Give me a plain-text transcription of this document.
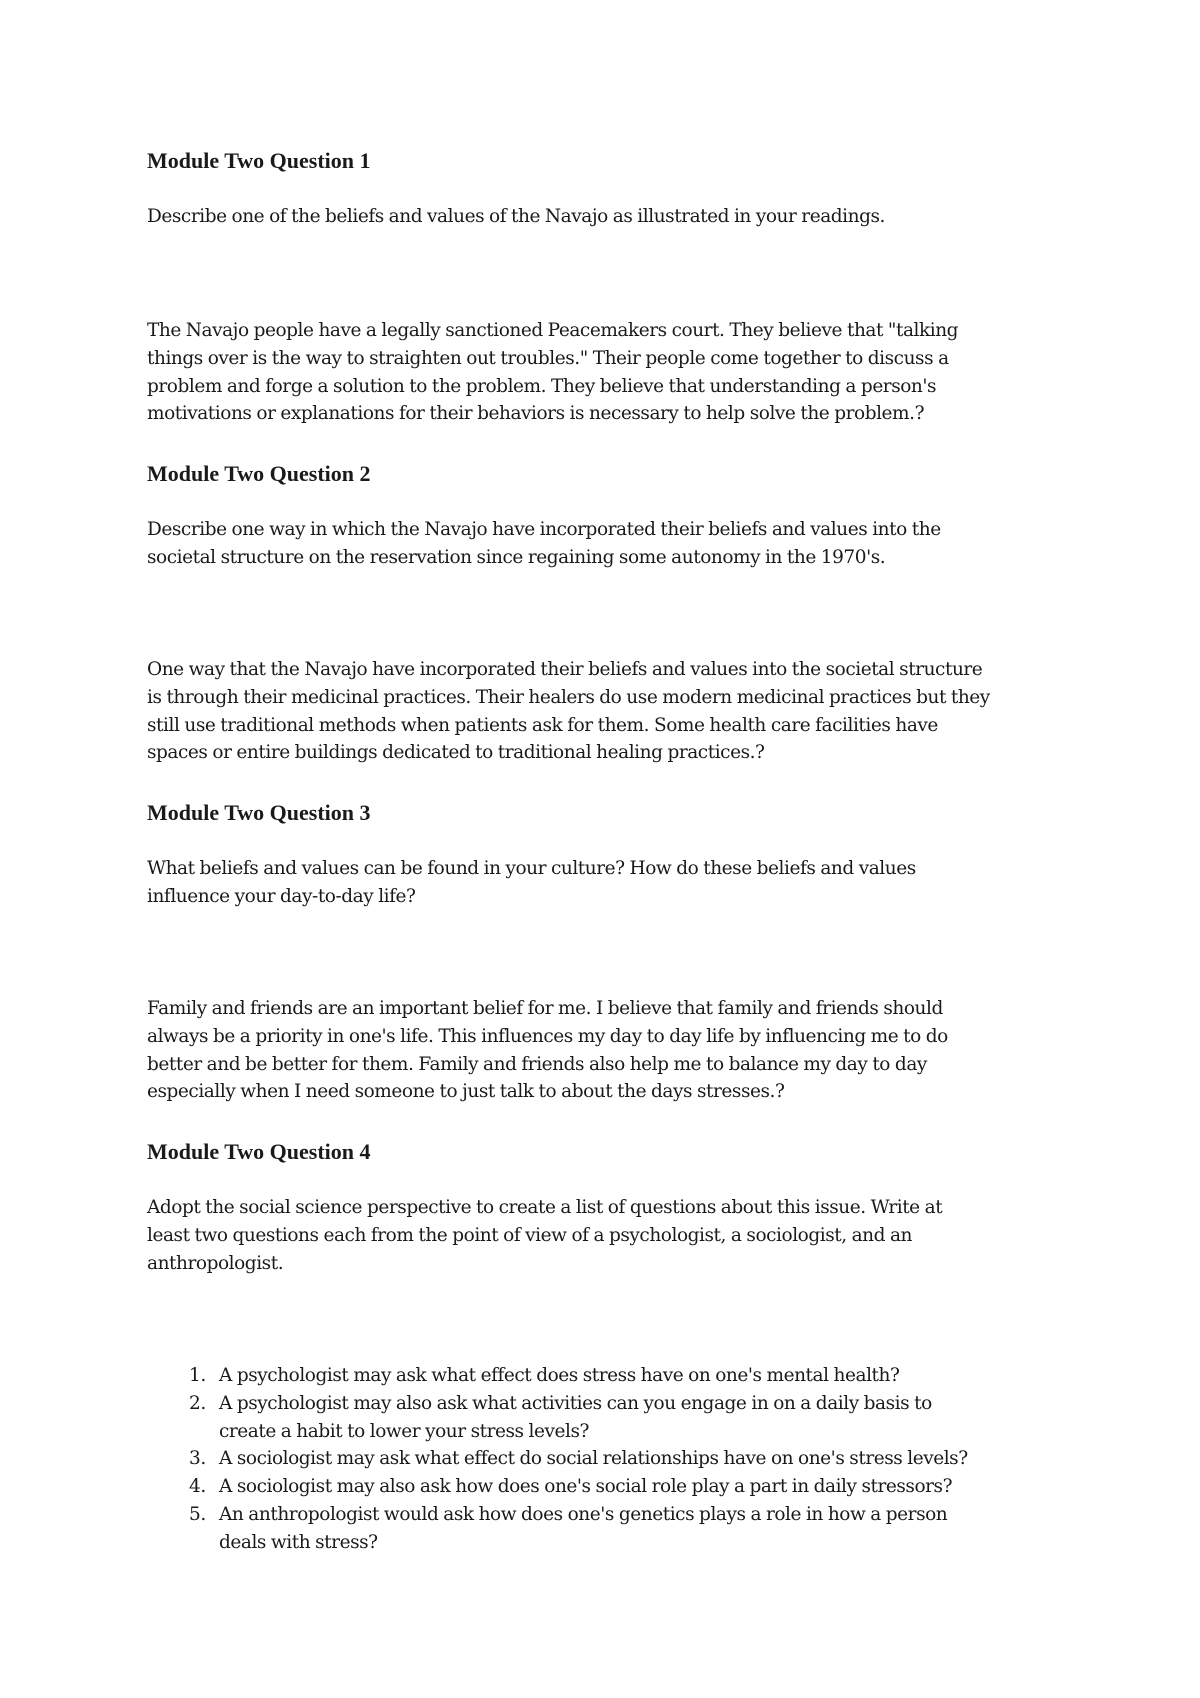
Module Two Question 1
Describe one of the beliefs and values of the Navajo as illustrated in your readings.
The Navajo people have a legally sanctioned Peacemakers court. They believe that "talking
things over is the way to straighten out troubles." Their people come together to discuss a
problem and forge a solution to the problem. They believe that understanding a person's
motivations or explanations for their behaviors is necessary to help solve the problem.?
Module Two Question 2
Describe one way in which the Navajo have incorporated their beliefs and values into the
societal structure on the reservation since regaining some autonomy in the 1970's.
One way that the Navajo have incorporated their beliefs and values into the societal structure
is through their medicinal practices. Their healers do use modern medicinal practices but they
still use traditional methods when patients ask for them. Some health care facilities have
spaces or entire buildings dedicated to traditional healing practices.?
Module Two Question 3
What beliefs and values can be found in your culture? How do these beliefs and values
influence your day-to-day life?
Family and friends are an important belief for me. I believe that family and friends should
always be a priority in one's life. This influences my day to day life by influencing me to do
better and be better for them. Family and friends also help me to balance my day to day
especially when I need someone to just talk to about the days stresses.?
Module Two Question 4
Adopt the social science perspective to create a list of questions about this issue. Write at
least two questions each from the point of view of a psychologist, a sociologist, and an
anthropologist.
1. A psychologist may ask what effect does stress have on one's mental health?
2. A psychologist may also ask what activities can you engage in on a daily basis to
create a habit to lower your stress levels?
3. A sociologist may ask what effect do social relationships have on one's stress levels?
4. A sociologist may also ask how does one's social role play a part in daily stressors?
5. An anthropologist would ask how does one's genetics plays a role in how a person
deals with stress?
